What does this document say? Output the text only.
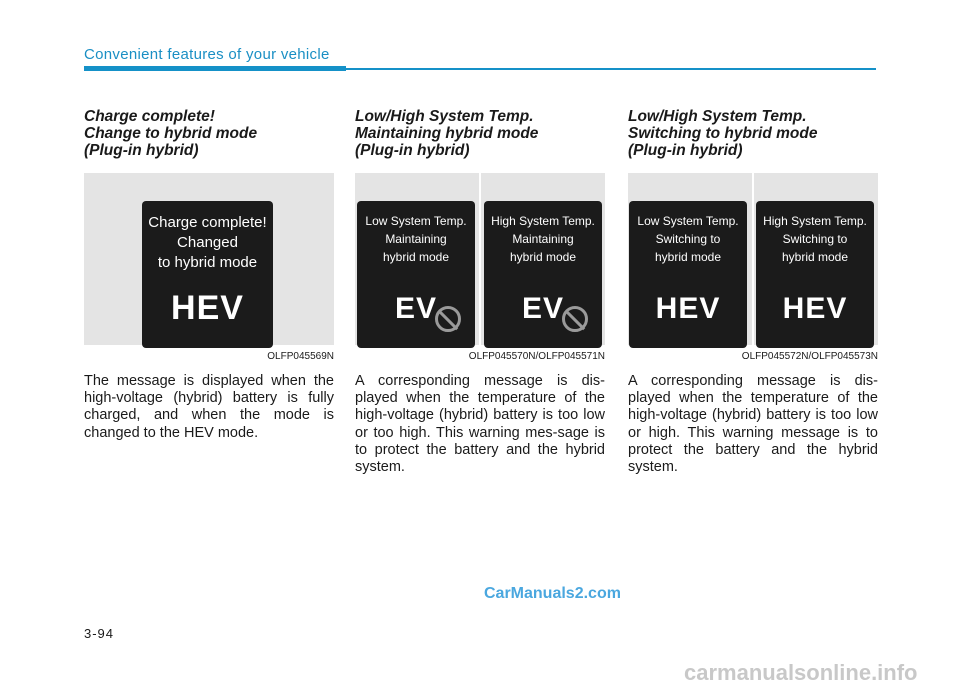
Convenient features of your vehicle
Charge complete!
Change to hybrid mode
(Plug-in hybrid)
Charge complete!
Changed
to hybrid mode
HEV
OLFP045569N

The message is displayed when the high-voltage (hybrid) battery is fully charged, and when the mode is changed to the HEV mode.

Low/High System Temp.
Maintaining hybrid mode
(Plug-in hybrid)
Low System Temp.
Maintaining
hybrid mode
EV
High System Temp.
Maintaining
hybrid mode
EV
OLFP045570N/OLFP045571N

A corresponding message is dis-played when the temperature of the high-voltage (hybrid) battery is too low or too high. This warning mes-sage is to protect the battery and the hybrid system.

Low/High System Temp.
Switching to hybrid mode
(Plug-in hybrid)
Low System Temp.
Switching to
hybrid mode
HEV
High System Temp.
Switching to
hybrid mode
HEV
OLFP045572N/OLFP045573N

A corresponding message is dis-played when the temperature of the high-voltage (hybrid) battery is too low or high. This warning message is to protect the battery and the hybrid system.

3-94
CarManuals2.com
carmanualsonline.info
